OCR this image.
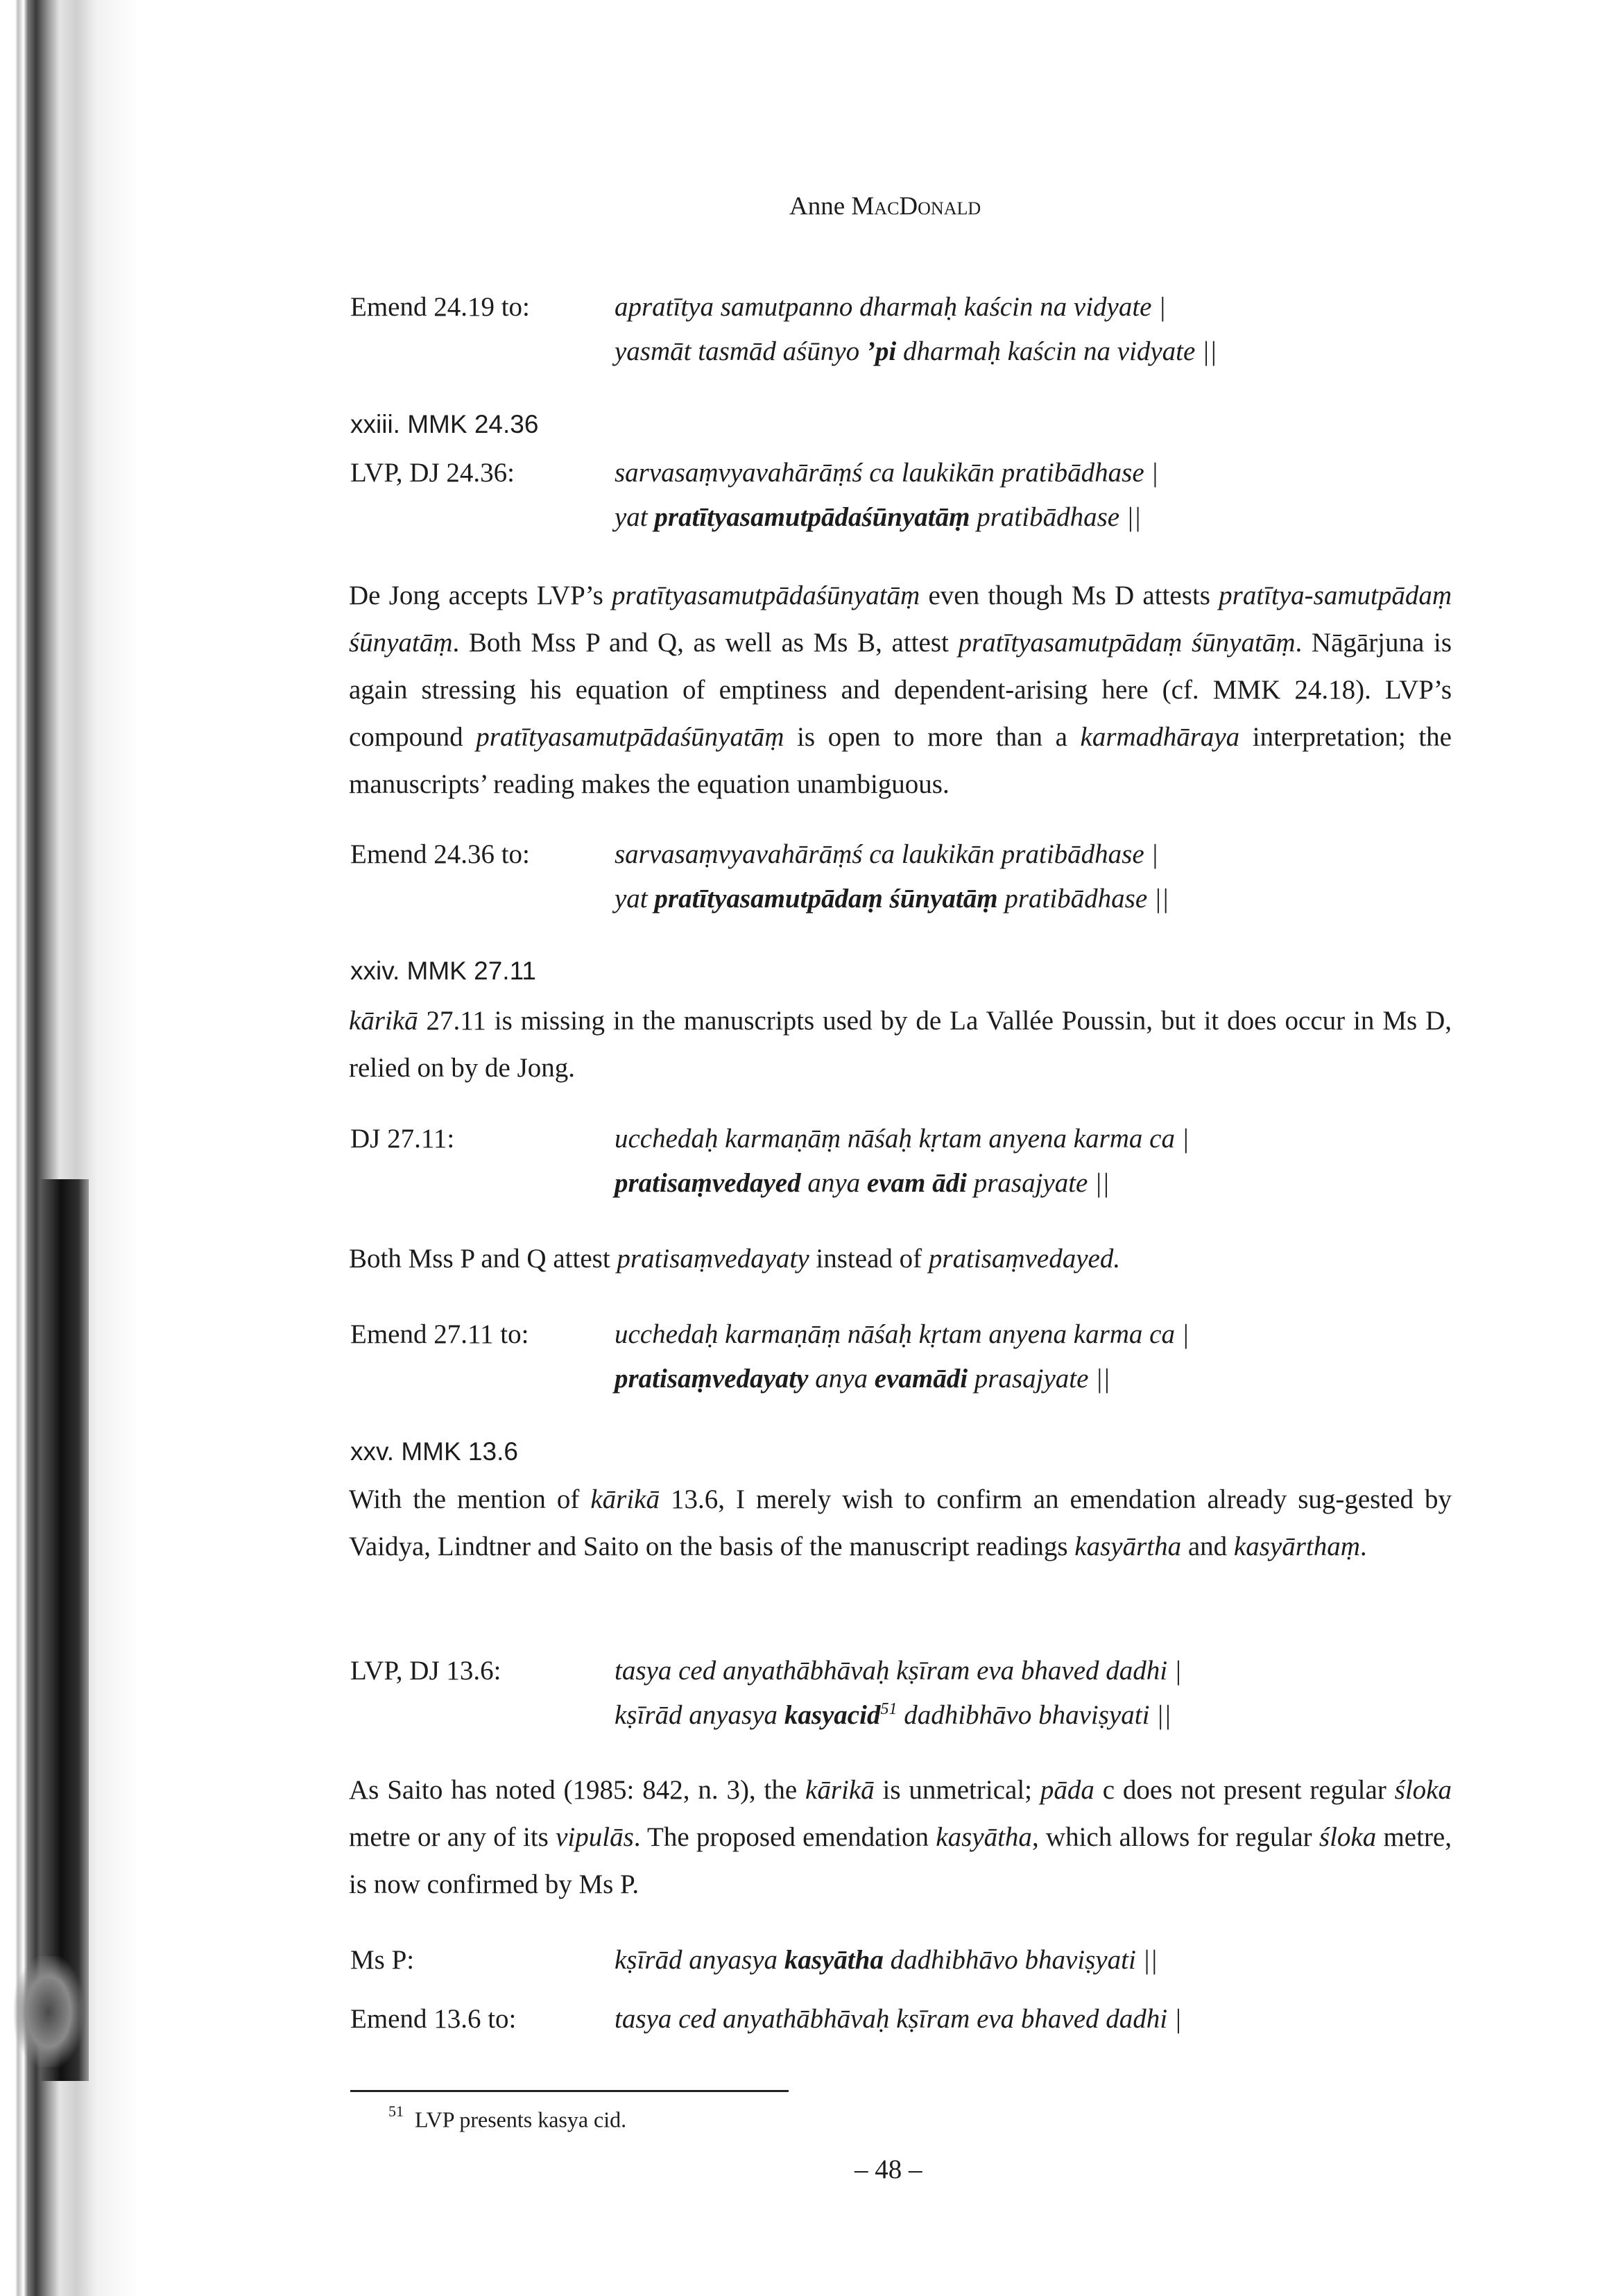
Anne MacDonald
Emend 24.19 to:	apratītya samutpanno dharmaḥ kaścin na vidyate |
yasmāt tasmād aśūnyo ’pi dharmaḥ kaścin na vidyate ||
xxiii. MMK 24.36
LVP, DJ 24.36:	sarvasaṃvyavahārāṃś ca laukikān pratibādhase |
yat pratītyasamutpādaśūnyatāṃ pratibādhase ||
De Jong accepts LVP’s pratītyasamutpādaśūnyatāṃ even though Ms D attests pratītya-samutpādaṃ śūnyatāṃ. Both Mss P and Q, as well as Ms B, attest pratītyasamutpādaṃ śūnyatāṃ. Nāgārjuna is again stressing his equation of emptiness and dependent-arising here (cf. MMK 24.18). LVP’s compound pratītyasamutpādaśūnyatāṃ is open to more than a karmadhāraya interpretation; the manuscripts’ reading makes the equation unambiguous.
Emend 24.36 to:	sarvasaṃvyavahārāṃś ca laukikān pratibādhase |
yat pratītyasamutpādaṃ śūnyatāṃ pratibādhase ||
xxiv. MMK 27.11
kārikā 27.11 is missing in the manuscripts used by de La Vallée Poussin, but it does occur in Ms D, relied on by de Jong.
DJ 27.11:	ucchedaḥ karmaṇāṃ nāśaḥ kṛtam anyena karma ca |
pratisaṃvedayed anya evam ādi prasajyate ||
Both Mss P and Q attest pratisaṃvedayaty instead of pratisaṃvedayed.
Emend 27.11 to:	ucchedaḥ karmaṇāṃ nāśaḥ kṛtam anyena karma ca |
pratisaṃvedayaty anya evamādi prasajyate ||
xxv. MMK 13.6
With the mention of kārikā 13.6, I merely wish to confirm an emendation already sug-gested by Vaidya, Lindtner and Saito on the basis of the manuscript readings kasyārtha and kasyārthaṃ.
LVP, DJ 13.6:	tasya ced anyathābhāvaḥ kṣīram eva bhaved dadhi |
kṣīrād anyasya kasyacid$^{51}$ dadhibhāvo bhaviṣyati ||
As Saito has noted (1985: 842, n. 3), the kārikā is unmetrical; pāda c does not present regular śloka metre or any of its vipulās. The proposed emendation kasyātha, which allows for regular śloka metre, is now confirmed by Ms P.
Ms P:	kṣīrād anyasya kasyātha dadhibhāvo bhaviṣyati ||
Emend 13.6 to:	tasya ced anyathābhāvaḥ kṣīram eva bhaved dadhi |
$^{51}$ LVP presents kasya cid.
– 48 –
